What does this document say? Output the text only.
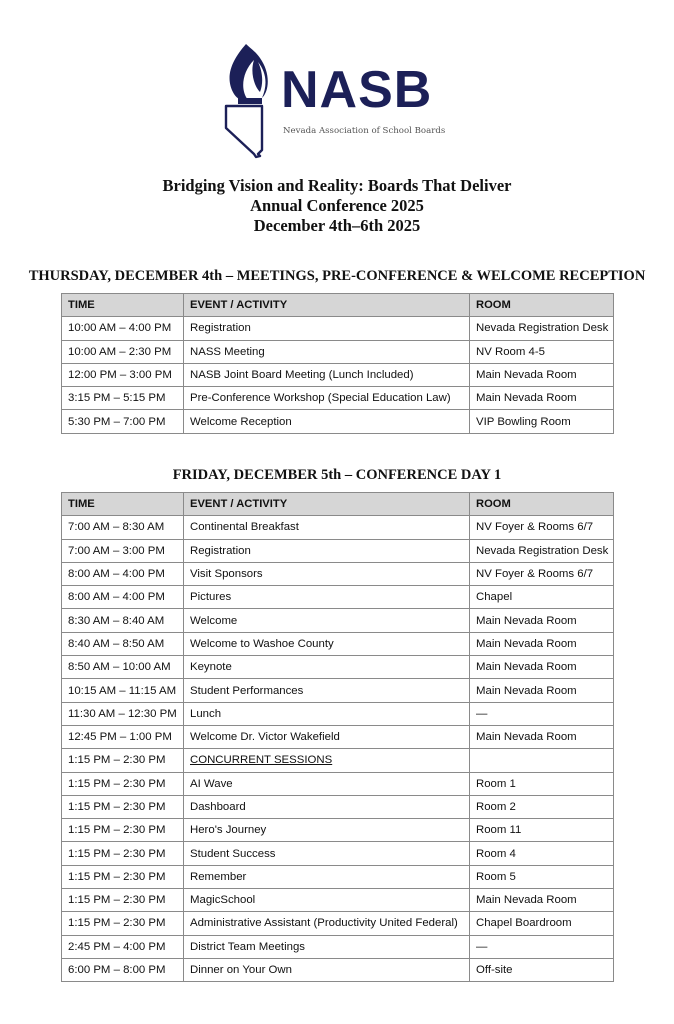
NASB
Nevada Association of School Boards
Bridging Vision and Reality: Boards That Deliver
Annual Conference 2025
December 4th–6th 2025
THURSDAY, DECEMBER 4th – MEETINGS, PRE-CONFERENCE & WELCOME RECEPTION
TIME	EVENT / ACTIVITY	ROOM
10:00 AM – 4:00 PM	Registration	Nevada Registration Desk
10:00 AM – 2:30 PM	NASS Meeting	NV Room 4-5
12:00 PM – 3:00 PM	NASB Joint Board Meeting (Lunch Included)	Main Nevada Room
3:15 PM – 5:15 PM	Pre-Conference Workshop (Special Education Law)	Main Nevada Room
5:30 PM – 7:00 PM	Welcome Reception	VIP Bowling Room
FRIDAY, DECEMBER 5th – CONFERENCE DAY 1
TIME	EVENT / ACTIVITY	ROOM
7:00 AM – 8:30 AM	Continental Breakfast	NV Foyer & Rooms 6/7
7:00 AM – 3:00 PM	Registration	Nevada Registration Desk
8:00 AM – 4:00 PM	Visit Sponsors	NV Foyer & Rooms 6/7
8:00 AM – 4:00 PM	Pictures	Chapel
8:30 AM – 8:40 AM	Welcome	Main Nevada Room
8:40 AM – 8:50 AM	Welcome to Washoe County	Main Nevada Room
8:50 AM – 10:00 AM	Keynote	Main Nevada Room
10:15 AM – 11:15 AM	Student Performances	Main Nevada Room
11:30 AM – 12:30 PM	Lunch	—
12:45 PM – 1:00 PM	Welcome Dr. Victor Wakefield	Main Nevada Room
1:15 PM – 2:30 PM	CONCURRENT SESSIONS	
1:15 PM – 2:30 PM	AI Wave	Room 1
1:15 PM – 2:30 PM	Dashboard	Room 2
1:15 PM – 2:30 PM	Hero's Journey	Room 11
1:15 PM – 2:30 PM	Student Success	Room 4
1:15 PM – 2:30 PM	Remember	Room 5
1:15 PM – 2:30 PM	MagicSchool	Main Nevada Room
1:15 PM – 2:30 PM	Administrative Assistant (Productivity United Federal)	Chapel Boardroom
2:45 PM – 4:00 PM	District Team Meetings	—
6:00 PM – 8:00 PM	Dinner on Your Own	Off-site
